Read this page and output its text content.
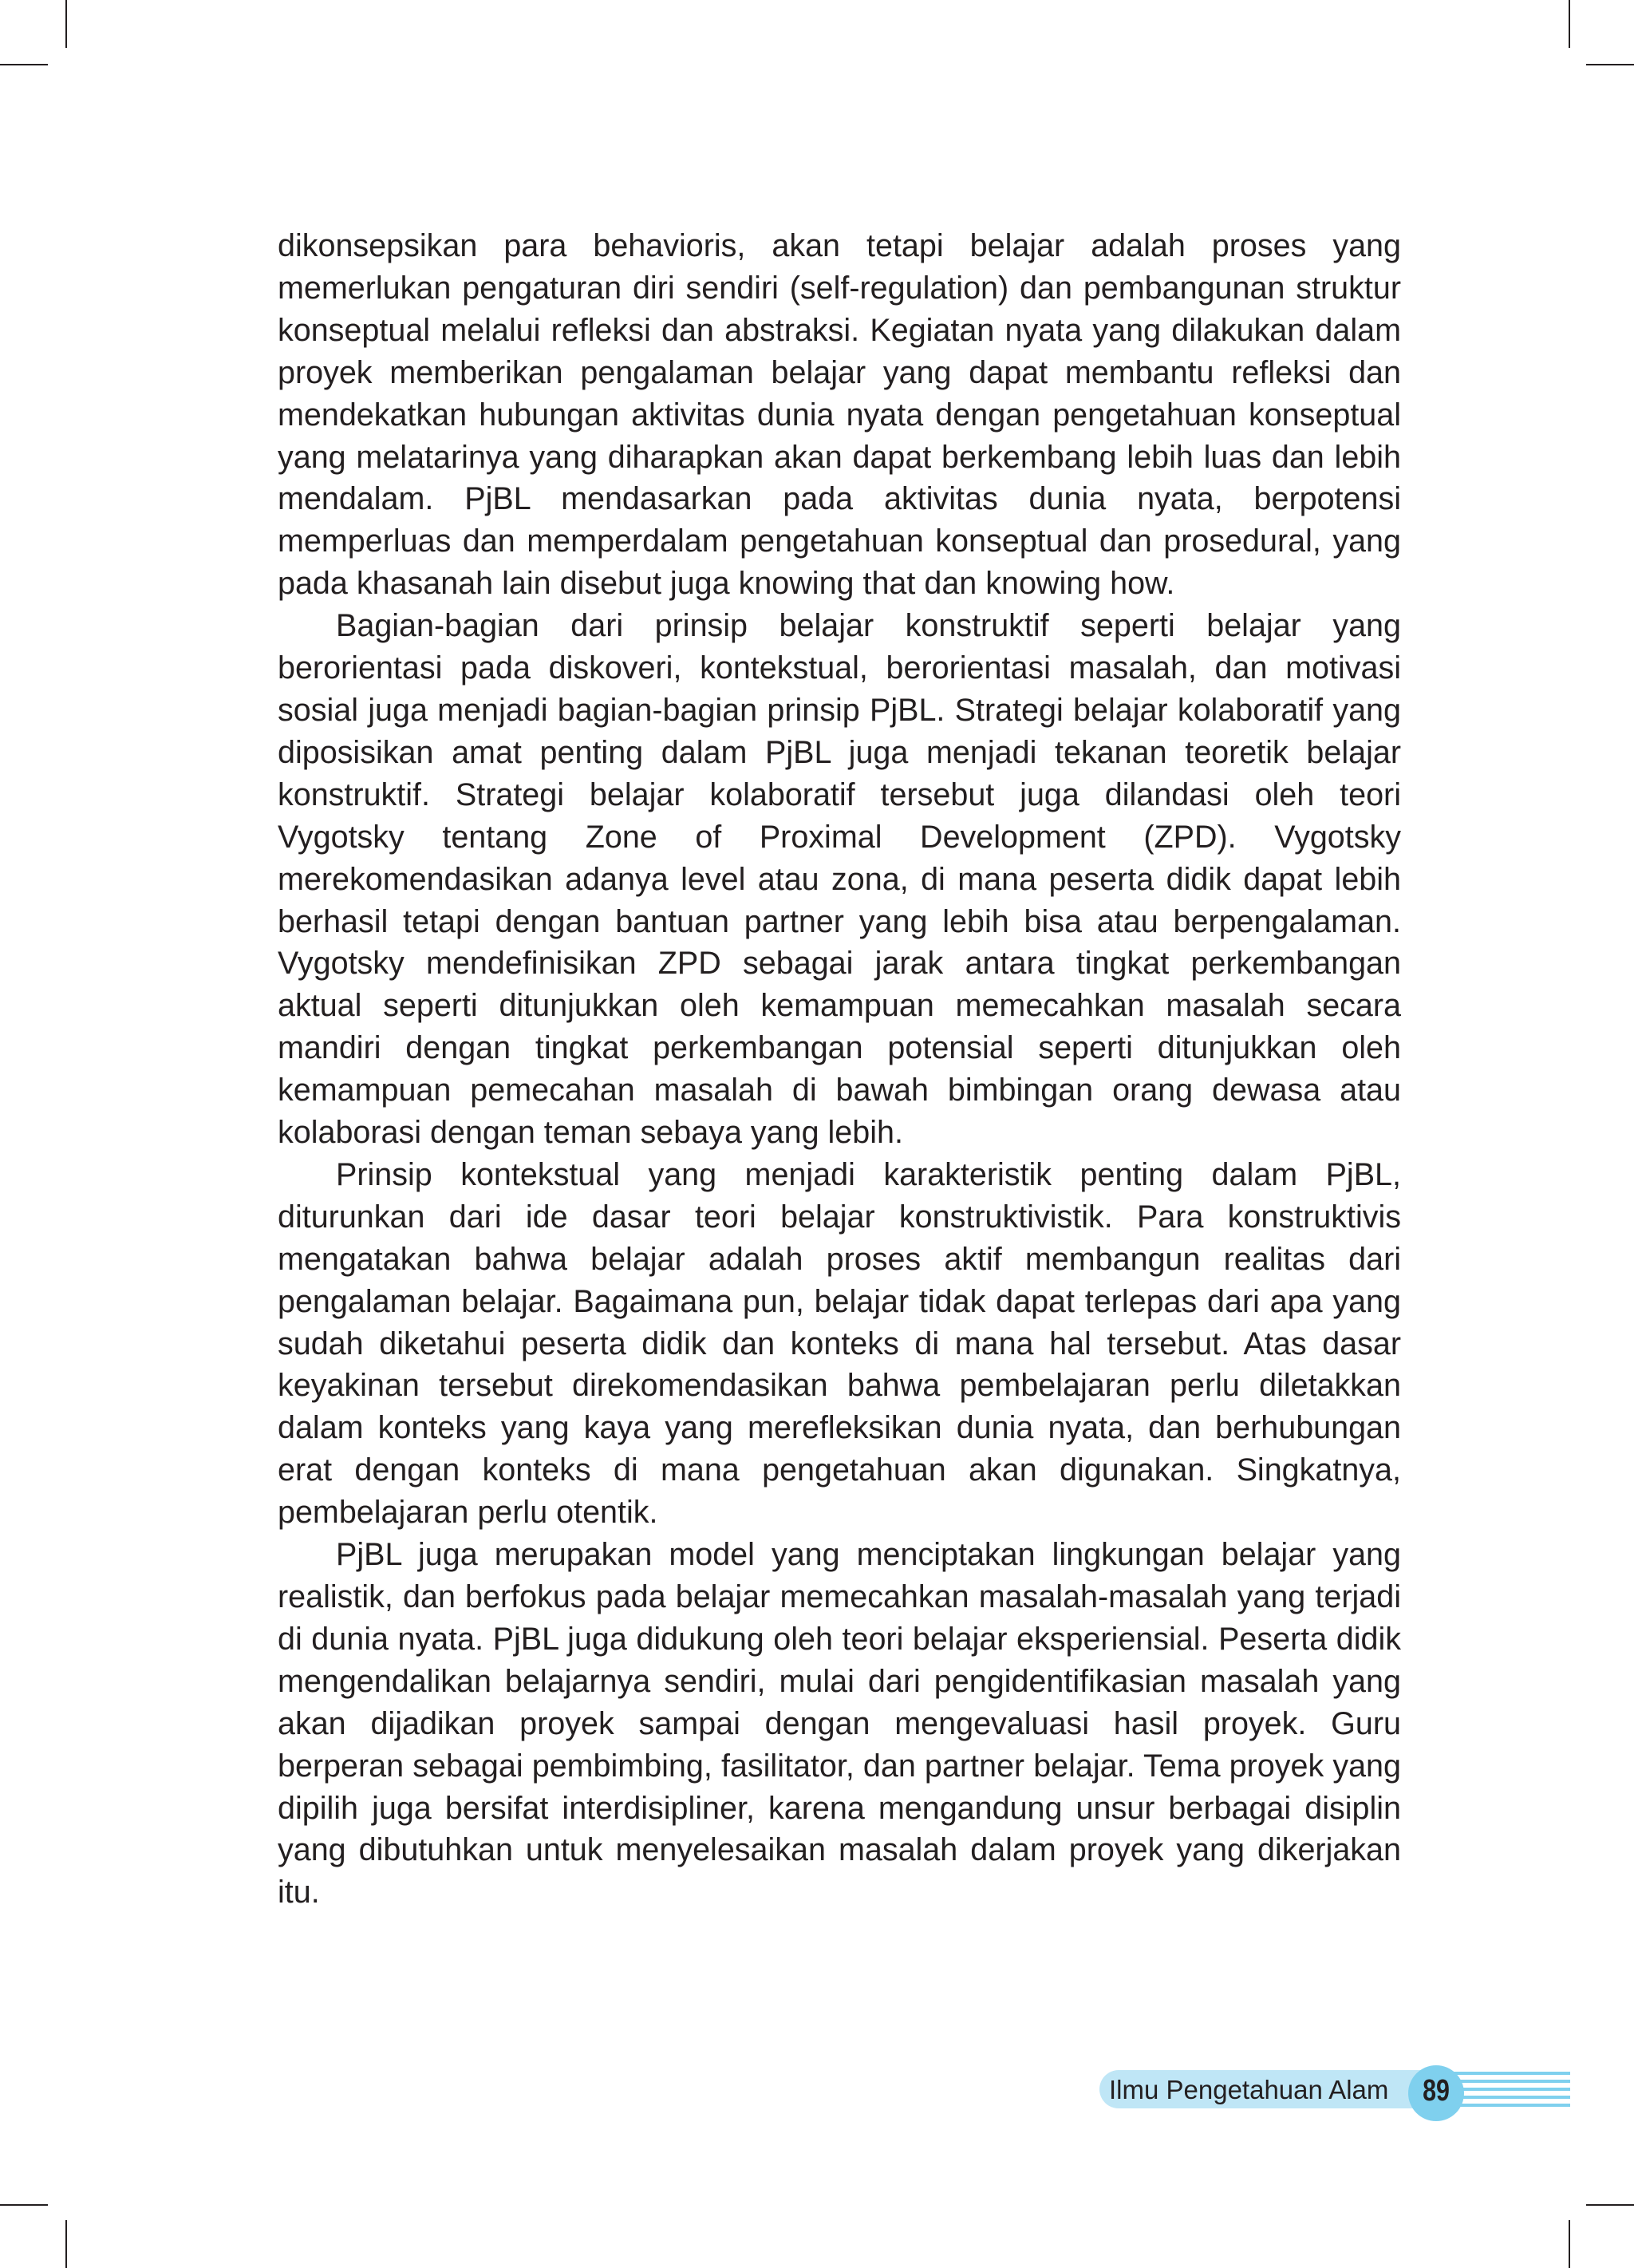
dikonsepsikan para behavioris, akan tetapi belajar adalah proses yang memerlukan pengaturan diri sendiri (self-regulation) dan pembangunan struktur konseptual melalui refleksi dan abstraksi. Kegiatan nyata yang dilakukan dalam proyek memberikan pengalaman belajar yang dapat membantu refleksi dan mendekatkan hubungan aktivitas dunia nyata dengan pengetahuan konseptual yang melatarinya yang diharapkan akan dapat berkembang lebih luas dan lebih mendalam. PjBL mendasarkan pada aktivitas dunia nyata, berpotensi memperluas dan memperdalam pengetahuan konseptual dan prosedural, yang pada khasanah lain disebut juga knowing that dan knowing how.

Bagian-bagian dari prinsip belajar konstruktif seperti belajar yang berorientasi pada diskoveri, kontekstual, berorientasi masalah, dan motivasi sosial juga menjadi bagian-bagian prinsip PjBL. Strategi belajar kolaboratif yang diposisikan amat penting dalam PjBL juga menjadi tekanan teoretik belajar konstruktif. Strategi belajar kolaboratif tersebut juga dilandasi oleh teori Vygotsky tentang Zone of Proximal Development (ZPD). Vygotsky merekomendasikan adanya level atau zona, di mana peserta didik dapat lebih berhasil tetapi dengan bantuan partner yang lebih bisa atau berpengalaman. Vygotsky mendefinisikan ZPD sebagai jarak antara tingkat perkembangan aktual seperti ditunjukkan oleh kemampuan memecahkan masalah secara mandiri dengan tingkat perkembangan potensial seperti ditunjukkan oleh kemampuan pemecahan masalah di bawah bimbingan orang dewasa atau kolaborasi dengan teman sebaya yang lebih.

Prinsip kontekstual yang menjadi karakteristik penting dalam PjBL, diturunkan dari ide dasar teori belajar konstruktivistik. Para konstruktivis mengatakan bahwa belajar adalah proses aktif membangun realitas dari pengalaman belajar. Bagaimana pun, belajar tidak dapat terlepas dari apa yang sudah diketahui peserta didik dan konteks di mana hal tersebut. Atas dasar keyakinan tersebut direkomendasikan bahwa pembelajaran perlu diletakkan dalam konteks yang kaya yang merefleksikan dunia nyata, dan berhubungan erat dengan konteks di mana pengetahuan akan digunakan. Singkatnya, pembelajaran perlu otentik.

PjBL juga merupakan model yang menciptakan lingkungan belajar yang realistik, dan berfokus pada belajar memecahkan masalah-masalah yang terjadi di dunia nyata. PjBL juga didukung oleh teori belajar eksperiensial. Peserta didik mengendalikan belajarnya sendiri, mulai dari pengidentifikasian masalah yang akan dijadikan proyek sampai dengan mengevaluasi hasil proyek. Guru berperan sebagai pembimbing, fasilitator, dan partner belajar. Tema proyek yang dipilih juga bersifat interdisipliner, karena mengandung unsur berbagai disiplin yang dibutuhkan untuk menyelesaikan masalah dalam proyek yang dikerjakan itu.

Ilmu Pengetahuan Alam 89
